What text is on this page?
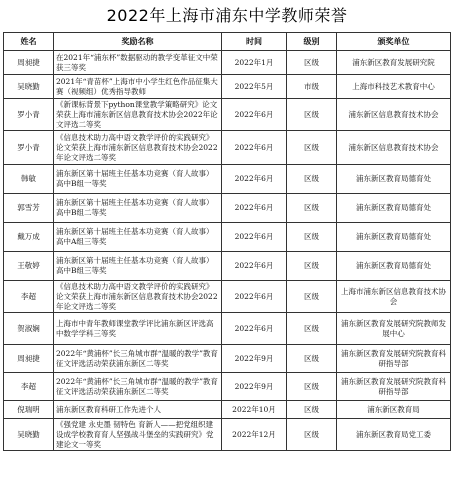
2022年上海市浦东中学教师荣誉
姓名	奖励名称	时间	级别	颁奖单位
周昶捷	在2021年“浦东杯”数据驱动的教学变革征文中荣获三等奖	2022年1月	区级	浦东新区教育发展研究院
吴晓勤	2021年“青苗杯”上海市中小学生红色作品征集大赛（视频组）优秀指导教师	2022年5月	市级	上海市科技艺术教育中心
罗小青	《新课标背景下python课堂教学策略研究》论文荣获上海市浦东新区信息教育技术协会2022年论文评选二等奖	2022年6月	区级	浦东新区信息教育技术协会
罗小青	《信息技术助力高中语文教学评价的实践研究》论文荣获上海市浦东新区信息教育技术协会2022年论文评选二等奖	2022年6月	区级	浦东新区信息教育技术协会
韩敏	浦东新区第十届班主任基本功竞赛（育人故事）高中B组一等奖	2022年6月	区级	浦东新区教育局德育处
郭雪芳	浦东新区第十届班主任基本功竞赛（育人故事）高中B组二等奖	2022年6月	区级	浦东新区教育局德育处
戴万成	浦东新区第十届班主任基本功竞赛（育人故事）高中A组三等奖	2022年6月	区级	浦东新区教育局德育处
王敬婷	浦东新区第十届班主任基本功竞赛（育人故事）高中B组三等奖	2022年6月	区级	浦东新区教育局德育处
李超	《信息技术助力高中语文教学评价的实践研究》论文荣获上海市浦东新区信息教育技术协会2022年论文评选二等奖	2022年6月	区级	上海市浦东新区信息教育技术协会
贺淑娴	上海市中青年教师课堂教学评比浦东新区评选高中数学学科三等奖	2022年6月	区级	浦东新区教育发展研究院教师发展中心
周昶捷	2022年“黄浦杯”长三角城市群“温暖的教学”教育征文评选活动荣获浦东新区二等奖	2022年9月	区级	浦东新区教育发展研究院教育科研指导部
李超	2022年“黄浦杯”长三角城市群“温暖的教学”教育征文评选活动荣获浦东新区二等奖	2022年9月	区级	浦东新区教育发展研究院教育科研指导部
倪瑞明	浦东新区教育科研工作先进个人	2022年10月	区级	浦东新区教育局
吴晓勤	《强党建 永史墨 韧特色 育新人——把党组织建设成学校教育育人坚强战斗堡垒的实践研究》党建论文一等奖	2022年12月	区级	浦东新区教育局党工委
